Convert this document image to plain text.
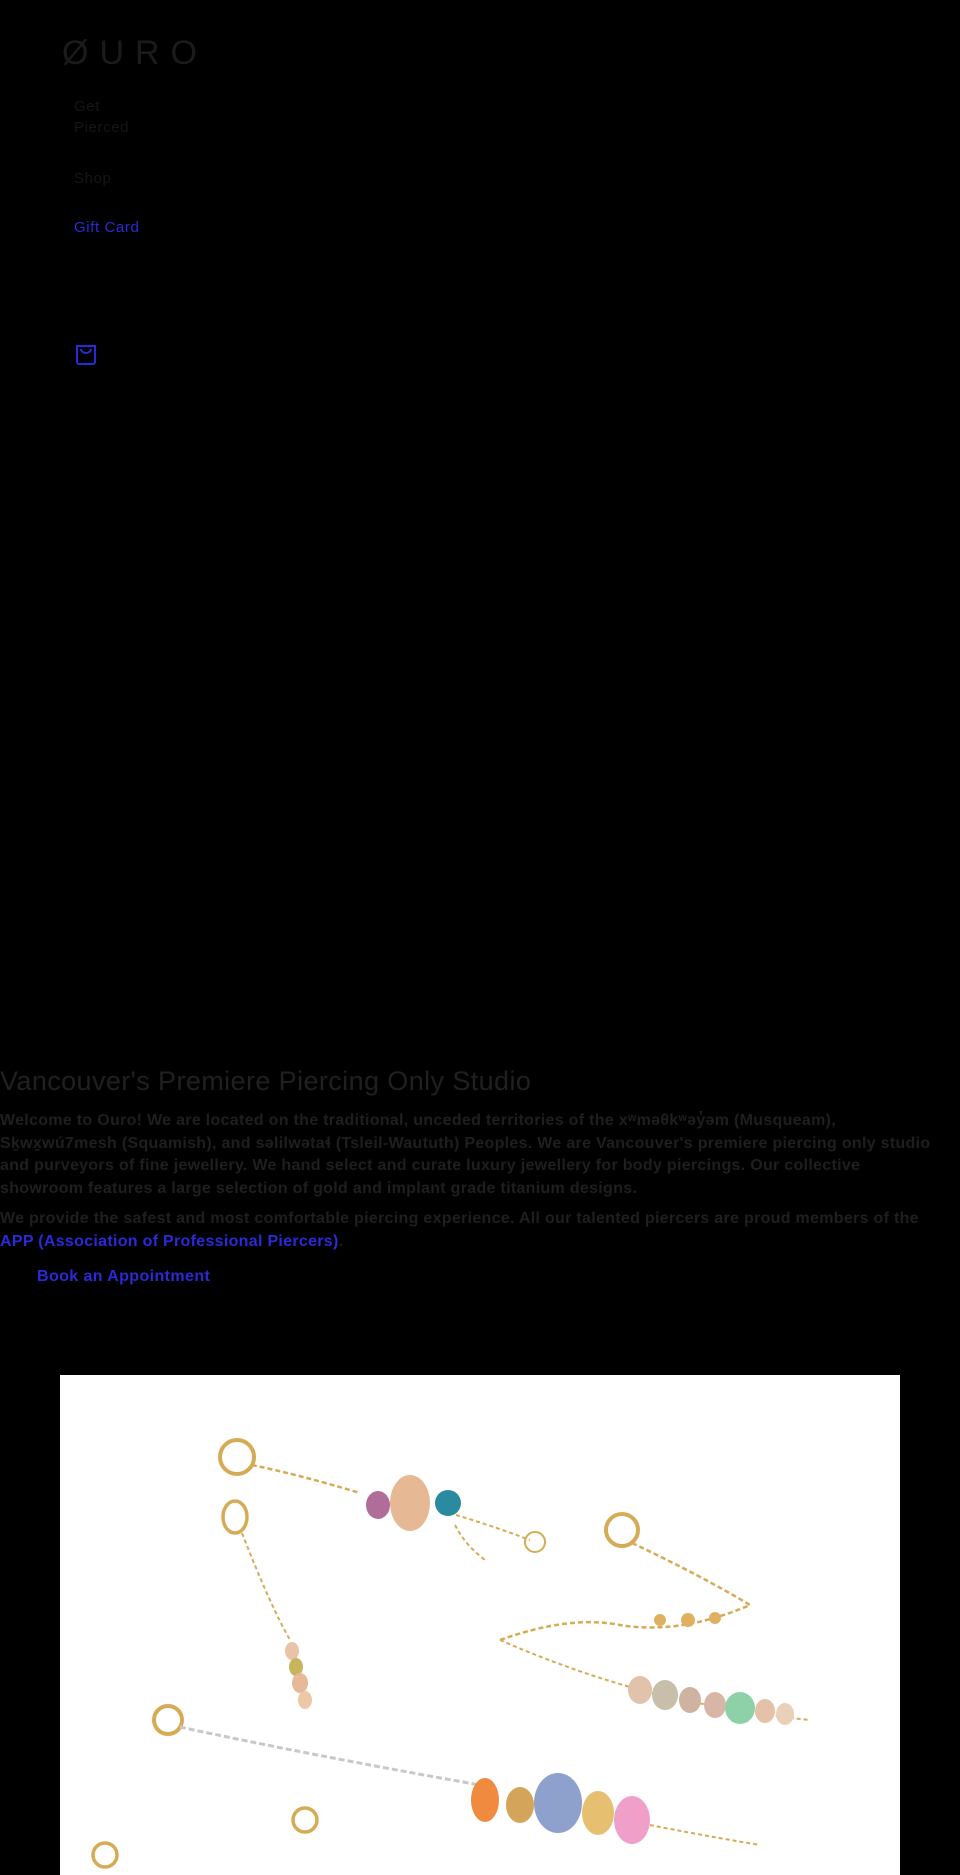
ØURO
Get Pierced
Shop
Gift Card
Vancouver's Premiere Piercing Only Studio

Welcome to Ouro! We are located on the traditional, unceded territories of the xʷməθkʷəy̓əm (Musqueam), Sḵwx̱wú7mesh (Squamish), and səlilwətaɬ (Tsleil-Waututh) Peoples. We are Vancouver's premiere piercing only studio and purveyors of fine jewellery. We hand select and curate luxury jewellery for body piercings. Our collective showroom features a large selection of gold and implant grade titanium designs.

We provide the safest and most comfortable piercing experience. All our talented piercers are proud members of the APP (Association of Professional Piercers).

Book an Appointment
